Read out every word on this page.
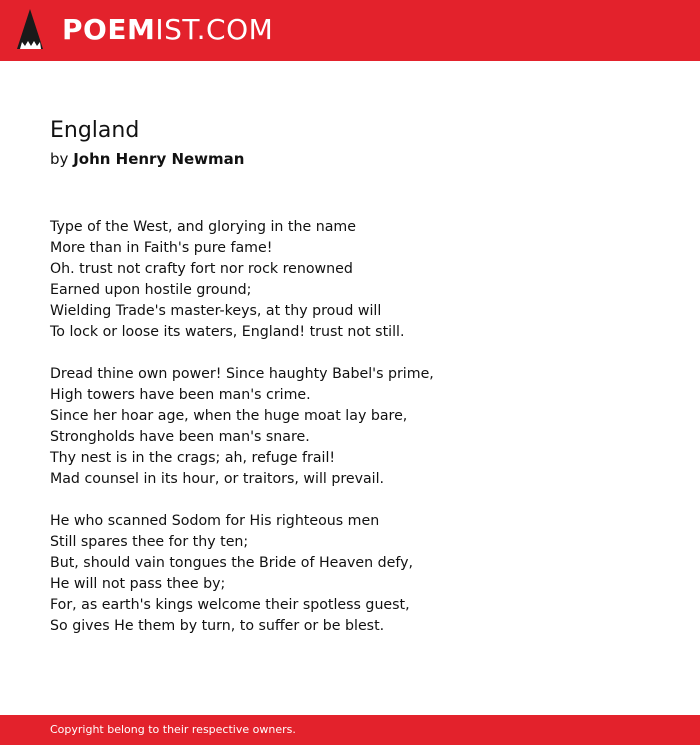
POEMIST.COM
England

by John Henry Newman

Type of the West, and glorying in the name
More than in Faith's pure fame!
Oh. trust not crafty fort nor rock renowned
Earned upon hostile ground;
Wielding Trade's master-keys, at thy proud will
To lock or loose its waters, England! trust not still.
Dread thine own power! Since haughty Babel's prime,
High towers have been man's crime.
Since her hoar age, when the huge moat lay bare,
Strongholds have been man's snare.
Thy nest is in the crags; ah, refuge frail!
Mad counsel in its hour, or traitors, will prevail.
He who scanned Sodom for His righteous men
Still spares thee for thy ten;
But, should vain tongues the Bride of Heaven defy,
He will not pass thee by;
For, as earth's kings welcome their spotless guest,
So gives He them by turn, to suffer or be blest.
Copyright belong to their respective owners.
